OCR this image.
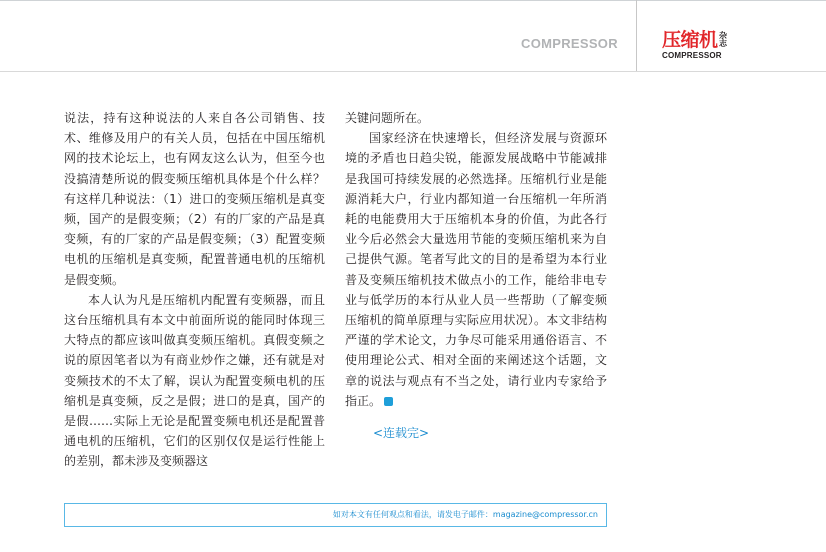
COMPRESSOR 压缩机 杂志
COMPRESSOR

说法，持有这种说法的人来自各公司销售、技术、维修及用户的有关人员，包括在中国压缩机网的技术论坛上，也有网友这么认为，但至今也没搞清楚所说的假变频压缩机具体是个什么样？有这样几种说法：（1）进口的变频压缩机是真变频，国产的是假变频；（2）有的厂家的产品是真变频，有的厂家的产品是假变频；（3）配置变频电机的压缩机是真变频，配置普通电机的压缩机是假变频。

本人认为凡是压缩机内配置有变频器，而且这台压缩机具有本文中前面所说的能同时体现三大特点的都应该叫做真变频压缩机。真假变频之说的原因笔者以为有商业炒作之嫌，还有就是对变频技术的不太了解，误认为配置变频电机的压缩机是真变频，反之是假；进口的是真，国产的是假……实际上无论是配置变频电机还是配置普通电机的压缩机，它们的区别仅仅是运行性能上的差别，都未涉及变频器这

关键问题所在。

国家经济在快速增长，但经济发展与资源环境的矛盾也日趋尖锐，能源发展战略中节能减排是我国可持续发展的必然选择。压缩机行业是能源消耗大户，行业内都知道一台压缩机一年所消耗的电能费用大于压缩机本身的价值，为此各行业今后必然会大量选用节能的变频压缩机来为自己提供气源。笔者写此文的目的是希望为本行业普及变频压缩机技术做点小的工作，能给非电专业与低学历的本行从业人员一些帮助（了解变频压缩机的简单原理与实际应用状况）。本文非结构严谨的学术论文，力争尽可能采用通俗语言、不使用理论公式、相对全面的来阐述这个话题，文章的说法与观点有不当之处，请行业内专家给予指正。

<连载完>
如对本文有任何观点和看法，请发电子邮件：magazine@compressor.cn
